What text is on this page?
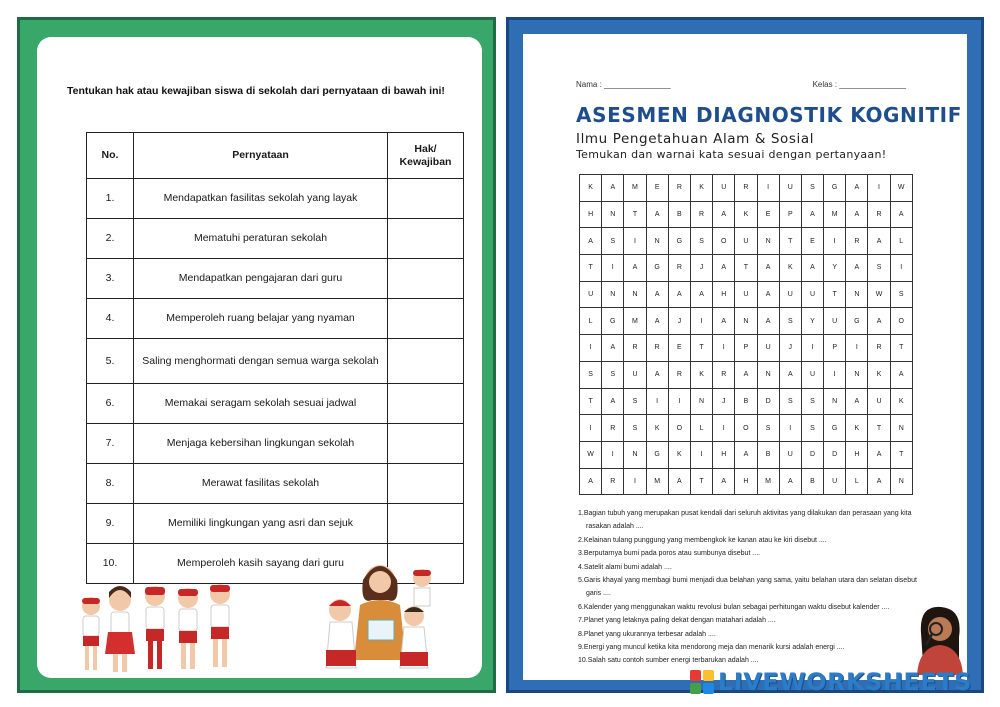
Tentukan hak atau kewajiban siswa di sekolah dari pernyataan di bawah ini!
No.	Pernyataan	Hak/
Kewajiban
1.	Mendapatkan fasilitas sekolah yang layak	
2.	Mematuhi peraturan sekolah	
3.	Mendapatkan pengajaran dari guru	
4.	Memperoleh ruang belajar yang nyaman	
5.	Saling menghormati dengan semua warga sekolah	
6.	Memakai seragam sekolah sesuai jadwal	
7.	Menjaga kebersihan lingkungan sekolah	
8.	Merawat fasilitas sekolah	
9.	Memiliki lingkungan yang asri dan sejuk	
10.	Memperoleh kasih sayang dari guru	
Nama : _______________	Kelas : _______________
ASESMEN DIAGNOSTIK KOGNITIF
Ilmu Pengetahuan Alam & Sosial
Temukan dan warnai kata sesuai dengan pertanyaan!
K	A	M	E	R	K	U	R	I	U	S	G	A	I	W
H	N	T	A	B	R	A	K	E	P	A	M	A	R	A
A	S	I	N	G	S	O	U	N	T	E	I	R	A	L
T	I	A	G	R	J	A	T	A	K	A	Y	A	S	I
U	N	N	A	A	A	H	U	A	U	U	T	N	W	S
L	G	M	A	J	I	A	N	A	S	Y	U	G	A	O
I	A	R	R	E	T	I	P	U	J	I	P	I	R	T
S	S	U	A	R	K	R	A	N	A	U	I	N	K	A
T	A	S	I	I	N	J	B	D	S	S	N	A	U	K
I	R	S	K	O	L	I	O	S	I	S	G	K	T	N
W	I	N	G	K	I	H	A	B	U	D	D	H	A	T
A	R	I	M	A	T	A	H	M	A	B	U	L	A	N
1.Bagian tubuh yang merupakan pusat kendali dari seluruh aktivitas yang dilakukan dan perasaan yang kita rasakan adalah ....
2.Kelainan tulang punggung yang membengkok ke kanan atau ke kiri disebut ....
3.Berputarnya bumi pada poros atau sumbunya disebut ....
4.Satelit alami bumi adalah ....
5.Garis khayal yang membagi bumi menjadi dua belahan yang sama, yaitu belahan utara dan selatan disebut garis ....
6.Kalender yang menggunakan waktu revolusi bulan sebagai perhitungan waktu disebut kalender ....
7.Planet yang letaknya paling dekat dengan matahari adalah ....
8.Planet yang ukurannya terbesar adalah ....
9.Energi yang muncul ketika kita mendorong meja dan menarik kursi adalah energi ....
10.Salah satu contoh sumber energi terbarukan adalah ....
LIVEWORKSHEETS
